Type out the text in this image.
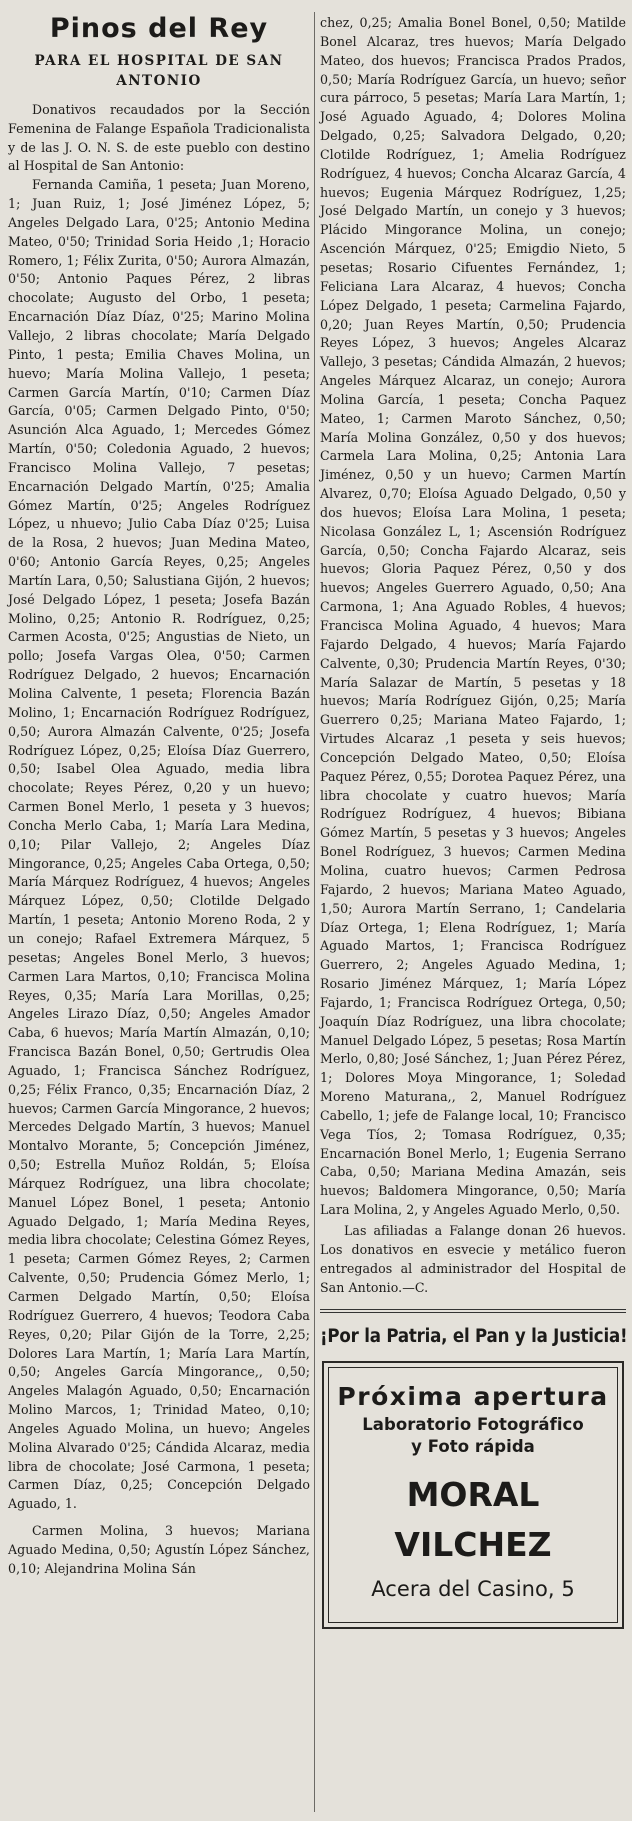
Pinos del Rey
PARA EL HOSPITAL DE SAN ANTONIO

Donativos recaudados por la Sección Femenina de Falange Española Tradicionalista y de las J. O. N. S. de este pueblo con destino al Hospital de San Antonio:

Fernanda Camiña, 1 peseta; Juan Moreno, 1; Juan Ruiz, 1; José Jiménez López, 5; Angeles Delgado Lara, 0'25; Antonio Medina Mateo, 0'50; Trinidad Soria Heido ,1; Horacio Romero, 1; Félix Zurita, 0'50; Aurora Almazán, 0'50; Antonio Paques Pérez, 2 libras chocolate; Augusto del Orbo, 1 peseta; Encarnación Díaz Díaz, 0'25; Marino Molina Vallejo, 2 libras chocolate; María Delgado Pinto, 1 pesta; Emilia Chaves Molina, un huevo; María Molina Vallejo, 1 peseta; Carmen García Martín, 0'10; Carmen Díaz García, 0'05; Carmen Delgado Pinto, 0'50; Asunción Alca Aguado, 1; Mercedes Gómez Martín, 0'50; Coledonia Aguado, 2 huevos; Francisco Molina Vallejo, 7 pesetas; Encarnación Delgado Martín, 0'25; Amalia Gómez Martín, 0'25; Angeles Rodríguez López, u nhuevo; Julio Caba Díaz 0'25; Luisa de la Rosa, 2 huevos; Juan Medina Mateo, 0'60; Antonio García Reyes, 0,25; Angeles Martín Lara, 0,50; Salustiana Gijón, 2 huevos; José Delgado López, 1 peseta; Josefa Bazán Molino, 0,25; Antonio R. Rodríguez, 0,25; Carmen Acosta, 0'25; Angustias de Nieto, un pollo; Josefa Vargas Olea, 0'50; Carmen Rodríguez Delgado, 2 huevos; Encarnación Molina Calvente, 1 peseta; Florencia Bazán Molino, 1; Encarnación Rodríguez Rodríguez, 0,50; Aurora Almazán Calvente, 0'25; Josefa Rodríguez López, 0,25; Eloísa Díaz Guerrero, 0,50; Isabel Olea Aguado, media libra chocolate; Reyes Pérez, 0,20 y un huevo; Carmen Bonel Merlo, 1 peseta y 3 huevos; Concha Merlo Caba, 1; María Lara Medina, 0,10; Pilar Vallejo, 2; Angeles Díaz Mingorance, 0,25; Angeles Caba Ortega, 0,50; María Márquez Rodríguez, 4 huevos; Angeles Márquez López, 0,50; Clotilde Delgado Martín, 1 peseta; Antonio Moreno Roda, 2 y un conejo; Rafael Extremera Márquez, 5 pesetas; Angeles Bonel Merlo, 3 huevos; Carmen Lara Martos, 0,10; Francisca Molina Reyes, 0,35; María Lara Morillas, 0,25; Angeles Lirazo Díaz, 0,50; Angeles Amador Caba, 6 huevos; María Martín Almazán, 0,10; Francisca Bazán Bonel, 0,50; Gertrudis Olea Aguado, 1; Francisca Sánchez Rodríguez, 0,25; Félix Franco, 0,35; Encarnación Díaz, 2 huevos; Carmen García Mingorance, 2 huevos; Mercedes Delgado Martín, 3 huevos; Manuel Montalvo Morante, 5; Concepción Jiménez, 0,50; Estrella Muñoz Roldán, 5; Eloísa Márquez Rodríguez, una libra chocolate; Manuel López Bonel, 1 peseta; Antonio Aguado Delgado, 1; María Medina Reyes, media libra chocolate; Celestina Gómez Reyes, 1 peseta; Carmen Gómez Reyes, 2; Carmen Calvente, 0,50; Prudencia Gómez Merlo, 1; Carmen Delgado Martín, 0,50; Eloísa Rodríguez Guerrero, 4 huevos; Teodora Caba Reyes, 0,20; Pilar Gijón de la Torre, 2,25; Dolores Lara Martín, 1; María Lara Martín, 0,50; Angeles García Mingorance,, 0,50; Angeles Malagón Aguado, 0,50; Encarnación Molino Marcos, 1; Trinidad Mateo, 0,10; Angeles Aguado Molina, un huevo; Angeles Molina Alvarado 0'25; Cándida Alcaraz, media libra de chocolate; José Carmona, 1 peseta; Carmen Díaz, 0,25; Concepción Delgado Aguado, 1.

Carmen Molina, 3 huevos; Mariana Aguado Medina, 0,50; Agustín López Sánchez, 0,10; Alejandrina Molina Sán

chez, 0,25; Amalia Bonel Bonel, 0,50; Matilde Bonel Alcaraz, tres huevos; María Delgado Mateo, dos huevos; Francisca Prados Prados, 0,50; María Rodríguez García, un huevo; señor cura párroco, 5 pesetas; María Lara Martín, 1; José Aguado Aguado, 4; Dolores Molina Delgado, 0,25; Salvadora Delgado, 0,20; Clotilde Rodríguez, 1; Amelia Rodríguez Rodríguez, 4 huevos; Concha Alcaraz García, 4 huevos; Eugenia Márquez Rodríguez, 1,25; José Delgado Martín, un conejo y 3 huevos; Plácido Mingorance Molina, un conejo; Ascención Márquez, 0'25; Emigdio Nieto, 5 pesetas; Rosario Cifuentes Fernández, 1; Feliciana Lara Alcaraz, 4 huevos; Concha López Delgado, 1 peseta; Carmelina Fajardo, 0,20; Juan Reyes Martín, 0,50; Prudencia Reyes López, 3 huevos; Angeles Alcaraz Vallejo, 3 pesetas; Cándida Almazán, 2 huevos; Angeles Márquez Alcaraz, un conejo; Aurora Molina García, 1 peseta; Concha Paquez Mateo, 1; Carmen Maroto Sánchez, 0,50; María Molina González, 0,50 y dos huevos; Carmela Lara Molina, 0,25; Antonia Lara Jiménez, 0,50 y un huevo; Carmen Martín Alvarez, 0,70; Eloísa Aguado Delgado, 0,50 y dos huevos; Eloísa Lara Molina, 1 peseta; Nicolasa González L, 1; Ascensión Rodríguez García, 0,50; Concha Fajardo Alcaraz, seis huevos; Gloria Paquez Pérez, 0,50 y dos huevos; Angeles Guerrero Aguado, 0,50; Ana Carmona, 1; Ana Aguado Robles, 4 huevos; Francisca Molina Aguado, 4 huevos; Mara Fajardo Delgado, 4 huevos; María Fajardo Calvente, 0,30; Prudencia Martín Reyes, 0'30; María Salazar de Martín, 5 pesetas y 18 huevos; María Rodríguez Gijón, 0,25; María Guerrero 0,25; Mariana Mateo Fajardo, 1; Virtudes Alcaraz ,1 peseta y seis huevos; Concepción Delgado Mateo, 0,50; Eloísa Paquez Pérez, 0,55; Dorotea Paquez Pérez, una libra chocolate y cuatro huevos; María Rodríguez Rodríguez, 4 huevos; Bibiana Gómez Martín, 5 pesetas y 3 huevos; Angeles Bonel Rodríguez, 3 huevos; Carmen Medina Molina, cuatro huevos; Carmen Pedrosa Fajardo, 2 huevos; Mariana Mateo Aguado, 1,50; Aurora Martín Serrano, 1; Candelaria Díaz Ortega, 1; Elena Rodríguez, 1; María Aguado Martos, 1; Francisca Rodríguez Guerrero, 2; Angeles Aguado Medina, 1; Rosario Jiménez Márquez, 1; María López Fajardo, 1; Francisca Rodríguez Ortega, 0,50; Joaquín Díaz Rodríguez, una libra chocolate; Manuel Delgado López, 5 pesetas; Rosa Martín Merlo, 0,80; José Sánchez, 1; Juan Pérez Pérez, 1; Dolores Moya Mingorance, 1; Soledad Moreno Maturana,, 2, Manuel Rodríguez Cabello, 1; jefe de Falange local, 10; Francisco Vega Tíos, 2; Tomasa Rodríguez, 0,35; Encarnación Bonel Merlo, 1; Eugenia Serrano Caba, 0,50; Mariana Medina Amazán, seis huevos; Baldomera Mingorance, 0,50; María Lara Molina, 2, y Angeles Aguado Merlo, 0,50.

Las afiliadas a Falange donan 26 huevos. Los donativos en esvecie y metálico fueron entregados al administrador del Hospital de San Antonio.—C.

¡Por la Patria, el Pan y la Justicia!
Próxima apertura
Laboratorio Fotográfico
y Foto rápida
MORAL VILCHEZ
Acera del Casino, 5
